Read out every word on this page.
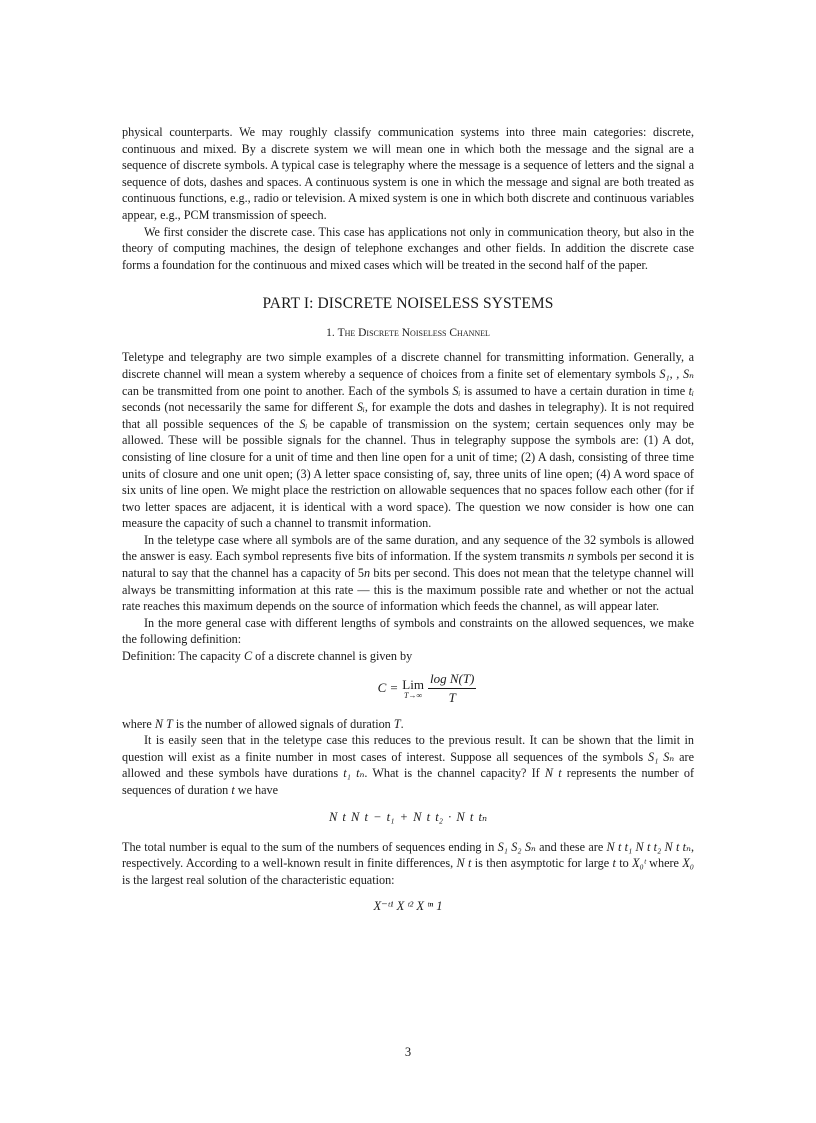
physical counterparts. We may roughly classify communication systems into three main categories: discrete, continuous and mixed. By a discrete system we will mean one in which both the message and the signal are a sequence of discrete symbols. A typical case is telegraphy where the message is a sequence of letters and the signal a sequence of dots, dashes and spaces. A continuous system is one in which the message and signal are both treated as continuous functions, e.g., radio or television. A mixed system is one in which both discrete and continuous variables appear, e.g., PCM transmission of speech.

We first consider the discrete case. This case has applications not only in communication theory, but also in the theory of computing machines, the design of telephone exchanges and other fields. In addition the discrete case forms a foundation for the continuous and mixed cases which will be treated in the second half of the paper.

PART I: DISCRETE NOISELESS SYSTEMS
1. The Discrete Noiseless Channel

Teletype and telegraphy are two simple examples of a discrete channel for transmitting information. Generally, a discrete channel will mean a system whereby a sequence of choices from a finite set of elementary symbols S₁, , Sₙ can be transmitted from one point to another. Each of the symbols Sᵢ is assumed to have a certain duration in time tᵢ seconds (not necessarily the same for different Sᵢ, for example the dots and dashes in telegraphy). It is not required that all possible sequences of the Sᵢ be capable of transmission on the system; certain sequences only may be allowed. These will be possible signals for the channel. Thus in telegraphy suppose the symbols are: (1) A dot, consisting of line closure for a unit of time and then line open for a unit of time; (2) A dash, consisting of three time units of closure and one unit open; (3) A letter space consisting of, say, three units of line open; (4) A word space of six units of line open. We might place the restriction on allowable sequences that no spaces follow each other (for if two letter spaces are adjacent, it is identical with a word space). The question we now consider is how one can measure the capacity of such a channel to transmit information.

In the teletype case where all symbols are of the same duration, and any sequence of the 32 symbols is allowed the answer is easy. Each symbol represents five bits of information. If the system transmits n symbols per second it is natural to say that the channel has a capacity of 5n bits per second. This does not mean that the teletype channel will always be transmitting information at this rate — this is the maximum possible rate and whether or not the actual rate reaches this maximum depends on the source of information which feeds the channel, as will appear later.

In the more general case with different lengths of symbols and constraints on the allowed sequences, we make the following definition:

Definition: The capacity C of a discrete channel is given by

C = Lim
$T\to\infty \frac{\text{log N(T)}}{T}$

where N T is the number of allowed signals of duration T.

It is easily seen that in the teletype case this reduces to the previous result. It can be shown that the limit in question will exist as a finite number in most cases of interest. Suppose all sequences of the symbols S₁ Sₙ are allowed and these symbols have durations t₁ tₙ. What is the channel capacity? If N t represents the number of sequences of duration t we have

N t N t − t₁ + N t t₂ · N t tₙ

The total number is equal to the sum of the numbers of sequences ending in S₁ S₂ Sₙ and these are N t t₁ N t t₂ N t tₙ, respectively. According to a well-known result in finite differences, N t is then asymptotic for large t to X₀ᵗ where X₀ is the largest real solution of the characteristic equation:

X⁻ᵗ¹ X ᵗ² X ᵗⁿ 1
3
